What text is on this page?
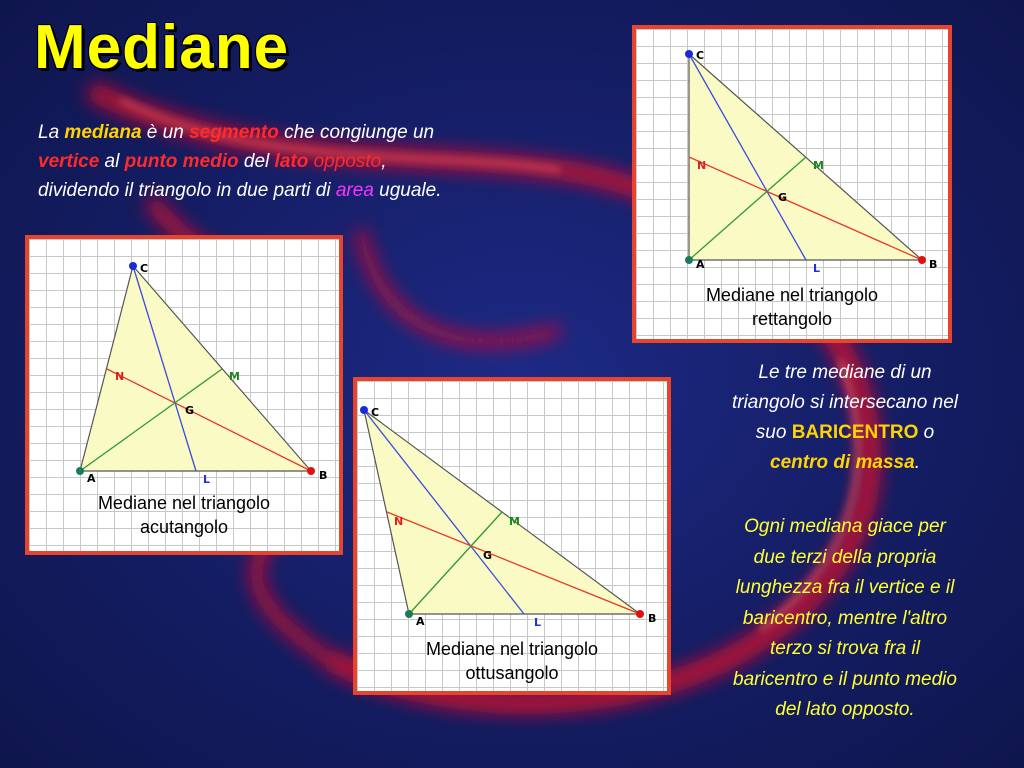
Mediane

La mediana è un segmento che congiunge un
vertice al punto medio del lato opposto,
dividendo il triangolo in due parti di area uguale.

C
B
A
N	M
G
L
Mediane nel triangolo
rettangolo
C
B
A
N	M
G
L
Mediane nel triangolo
acutangolo
C
B
A
N	M
G
L
Mediane nel triangolo
ottusangolo

Le tre mediane di un
triangolo si intersecano nel
suo BARICENTRO o
centro di massa.

Ogni mediana giace per
due terzi della propria
lunghezza fra il vertice e il
baricentro, mentre l'altro
terzo si trova fra il
baricentro e il punto medio
del lato opposto.
